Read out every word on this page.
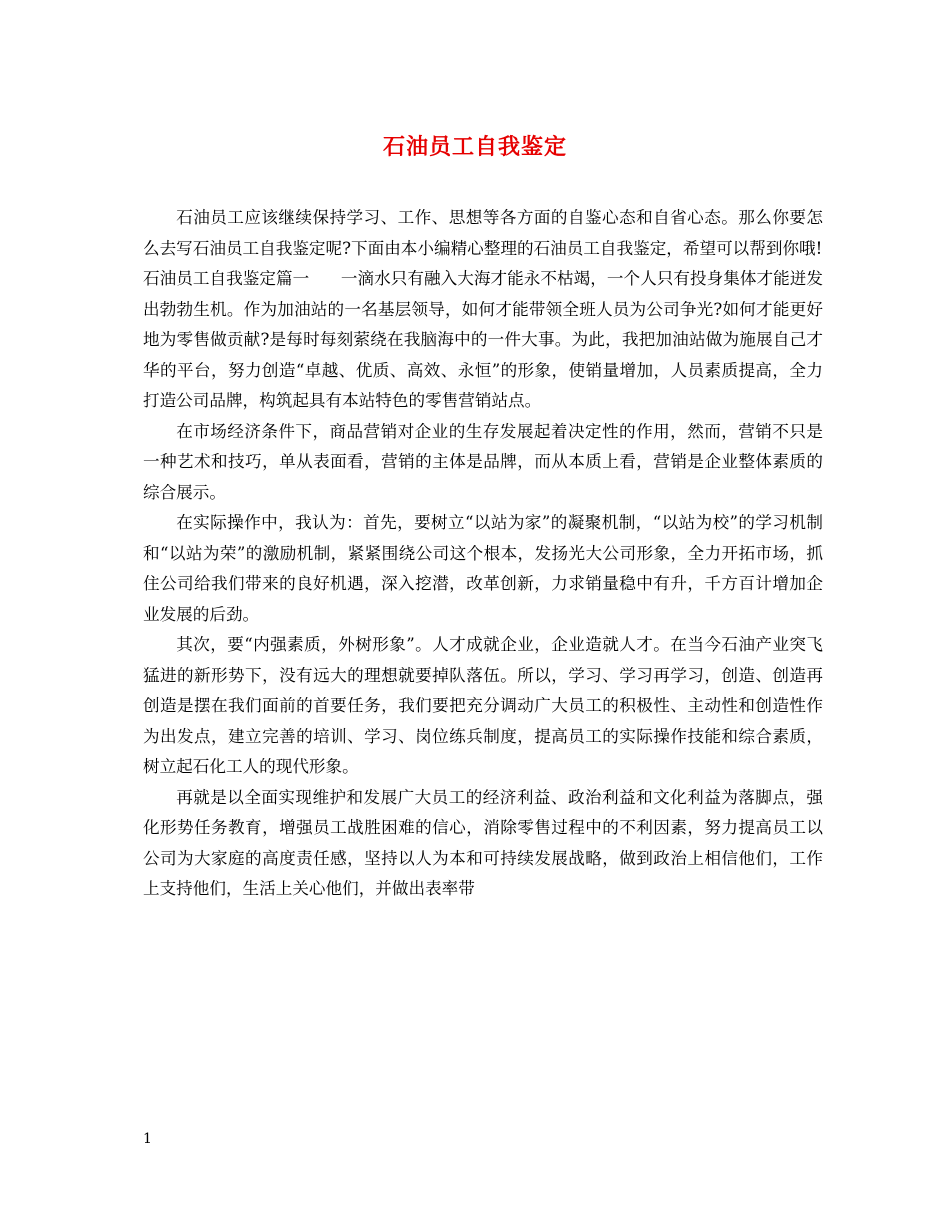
石油员工自我鉴定

石油员工应该继续保持学习、工作、思想等各方面的自鉴心态和自省心态。那么你要怎么去写石油员工自我鉴定呢?下面由本小编精心整理的石油员工自我鉴定，希望可以帮到你哦!

石油员工自我鉴定篇一 一滴水只有融入大海才能永不枯竭，一个人只有投身集体才能迸发出勃勃生机。作为加油站的一名基层领导，如何才能带领全班人员为公司争光?如何才能更好地为零售做贡献?是每时每刻萦绕在我脑海中的一件大事。为此，我把加油站做为施展自己才华的平台，努力创造“卓越、优质、高效、永恒”的形象，使销量增加，人员素质提高，全力打造公司品牌，构筑起具有本站特色的零售营销站点。

在市场经济条件下，商品营销对企业的生存发展起着决定性的作用，然而，营销不只是一种艺术和技巧，单从表面看，营销的主体是品牌，而从本质上看，营销是企业整体素质的综合展示。

在实际操作中，我认为：首先，要树立“以站为家”的凝聚机制，“以站为校”的学习机制和“以站为荣”的激励机制，紧紧围绕公司这个根本，发扬光大公司形象，全力开拓市场，抓住公司给我们带来的良好机遇，深入挖潜，改革创新，力求销量稳中有升，千方百计增加企业发展的后劲。

其次，要“内强素质，外树形象”。人才成就企业，企业造就人才。在当今石油产业突飞猛进的新形势下，没有远大的理想就要掉队落伍。所以，学习、学习再学习，创造、创造再创造是摆在我们面前的首要任务，我们要把充分调动广大员工的积极性、主动性和创造性作为出发点，建立完善的培训、学习、岗位练兵制度，提高员工的实际操作技能和综合素质，树立起石化工人的现代形象。

再就是以全面实现维护和发展广大员工的经济利益、政治利益和文化利益为落脚点，强化形势任务教育，增强员工战胜困难的信心，消除零售过程中的不利因素，努力提高员工以公司为大家庭的高度责任感，坚持以人为本和可持续发展战略，做到政治上相信他们，工作上支持他们，生活上关心他们，并做出表率带

1
